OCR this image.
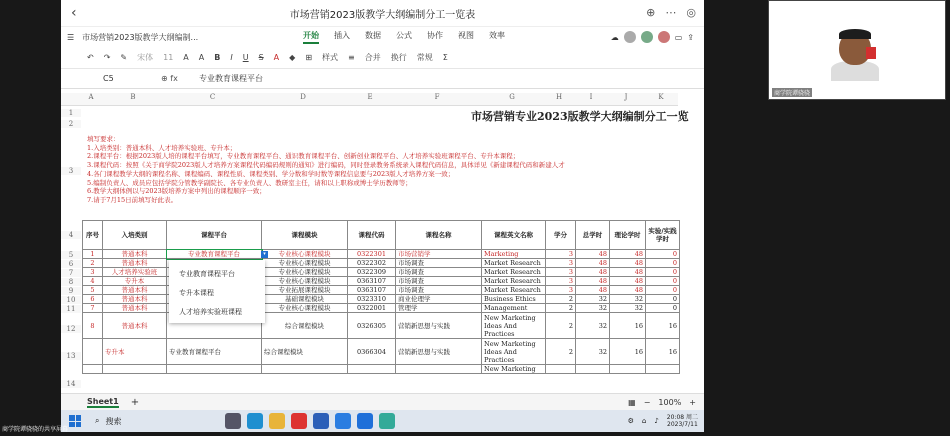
‹	市场营销2023版教学大纲编制分工一览表	⊕ ⋯ ◎
☰ 市场营销2023版教学大纲编制...	开始 插入 数据 公式 协作 视图 效率	☁	▭ ⇪
↶ ↷ ✎ 宋体 11 A A B I U S A ◆ ⊞ 样式 ≡ 合并 换行 常规 Σ
C5	⊕ fx	专业教育课程平台
A	B	C	D	E	F	G	H	I	J	K
1
2
3
4
5
6
7
8
9
10
11
12
13
14
市场营销专业2023版教学大纲编制分工一览
填写要求：
1.入培类别：普通本科、人才培养实验班、专升本；
2.课程平台：根据2023版人培的课程平台填写，专业教育课程平台、通识教育课程平台、创新创业课程平台、人才培养实验班课程平台、专升本课程；
3.课程代码：按照《关于商学院2023版人才培养方案课程代码编码规则的通知》进行编码，同时登录教务系统录入课程代码信息，具体详见《新建课程代码和新建人才
4.各门课程教学大纲的课程名称、课程编码、课程性质、课程类别、学分数和学时数等课程信息要与2023版人才培养方案一致；
5.编制负责人、成员应包括学院分管教学副院长、各专业负责人、教研室主任，请和以上职称或博士学历教师等；
6.教学大纲体例以与2023版培养方案中列出的课程顺序一致；
7.请于7月15日前填写好此表。
序号	入培类别	课程平台	课程模块	课程代码	课程名称	课程英文名称	学分	总学时	理论学时	实验/实践学时
1	普通本科	专业教育课程平台	专业核心课程模块	0322301	市场营销学	Marketing	3	48	48	0
2	普通本科		专业核心课程模块	0322302	市场调查	Market Research	3	48	48	0
3	人才培养实验班		专业核心课程模块	0322309	市场调查	Market Research	3	48	48	0
4	专升本		专业核心课程模块	0363107	市场调查	Market Research	3	48	48	0
5	普通本科		专业拓展课程模块	0363107	市场调查	Market Research	3	48	48	0
6	普通本科		基础课程模块	0323310	商业伦理学	Business Ethics	2	32	32	0
7	普通本科		专业核心课程模块	0322001	管理学	Management	2	32	32	0
8	普通本科		综合课程模块	0326305	营销新思想与实践	New Marketing
Ideas And
Practices	2	32	16	16
	专升本	专业教育课程平台	综合课程模块	0366304	营销新思想与实践	New Marketing
Ideas And
Practices	2	32	16	16
						New Marketing				
▾
专业教育课程平台
专升本课程
人才培养实验班课程
Sheet1 +	▦ − 100% +
⌕ 搜索	⚙ ⌂ ♪ 20:08 周二
2023/7/11
商学院谭骁骁
商学院谭骁骁的共享屏幕
